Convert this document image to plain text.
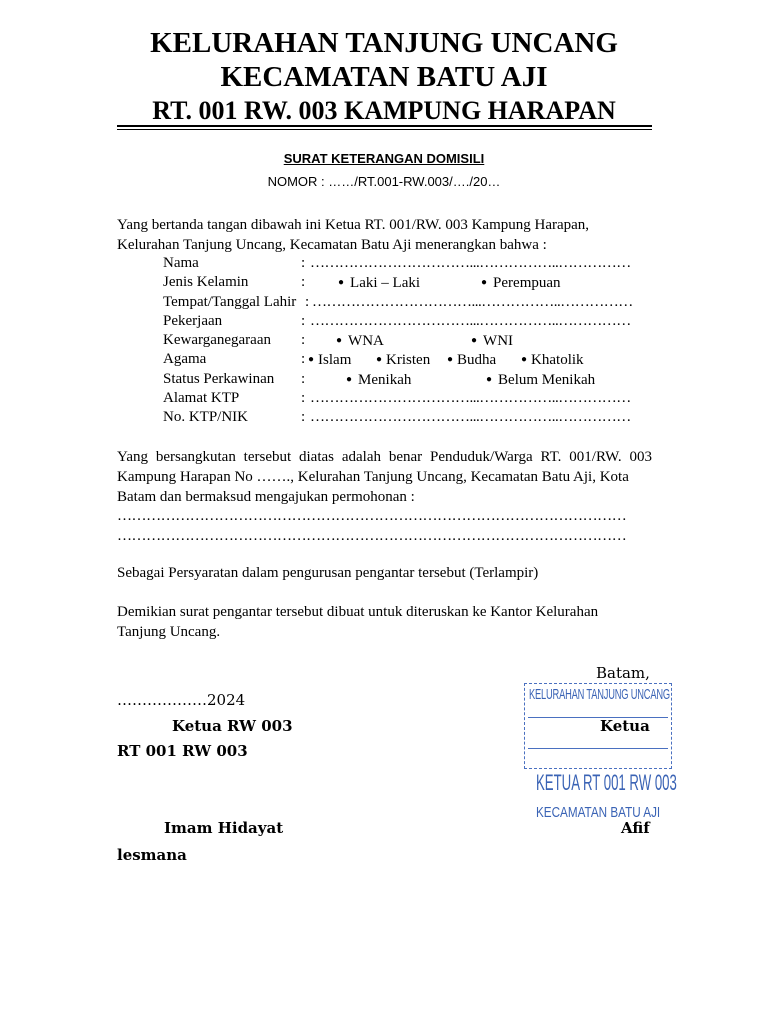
KELURAHAN TANJUNG UNCANG
KECAMATAN BATU AJI
RT. 001 RW. 003 KAMPUNG HARAPAN
SURAT KETERANGAN DOMISILI
NOMOR : ……/RT.001-RW.003/…./20…
Yang bertanda tangan dibawah ini Ketua RT. 001/RW. 003 Kampung Harapan,
Kelurahan Tanjung Uncang, Kecamatan Batu Aji menerangkan bahwa :
Nama	: ……………………………...……………..……………
Jenis Kelamin	:	● Laki – Laki	● Perempuan
Tempat/Tanggal Lahir : ……………………………...……………..……………
Pekerjaan	: ……………………………...……………..……………
Kewarganegaraan :	● WNA	● WNI
Agama	: ● Islam ● Kristen ● Budha ● Khatolik
Status Perkawinan :	● Menikah	● Belum Menikah
Alamat KTP	: ……………………………...……………..……………
No. KTP/NIK	: ……………………………...……………..……………
Yang bersangkutan tersebut diatas adalah benar Penduduk/Warga RT. 001/RW. 003 Kampung Harapan No ……., Kelurahan Tanjung Uncang, Kecamatan Batu Aji, Kota
Batam dan bermaksud mengajukan permohonan :
……………………………………………………………………………………………
……………………………………………………………………………………………
Sebagai Persyaratan dalam pengurusan pengantar tersebut (Terlampir)
Demikian surat pengantar tersebut dibuat untuk diteruskan ke Kantor Kelurahan
Tanjung Uncang.
KELURAHAN TANJUNG UNCANG
KETUA RT 001 RW 003
KECAMATAN BATU AJI
Batam,
………………2024
Ketua RW 003	Ketua
RT 001 RW 003
Imam Hidayat	Afif
lesmana
